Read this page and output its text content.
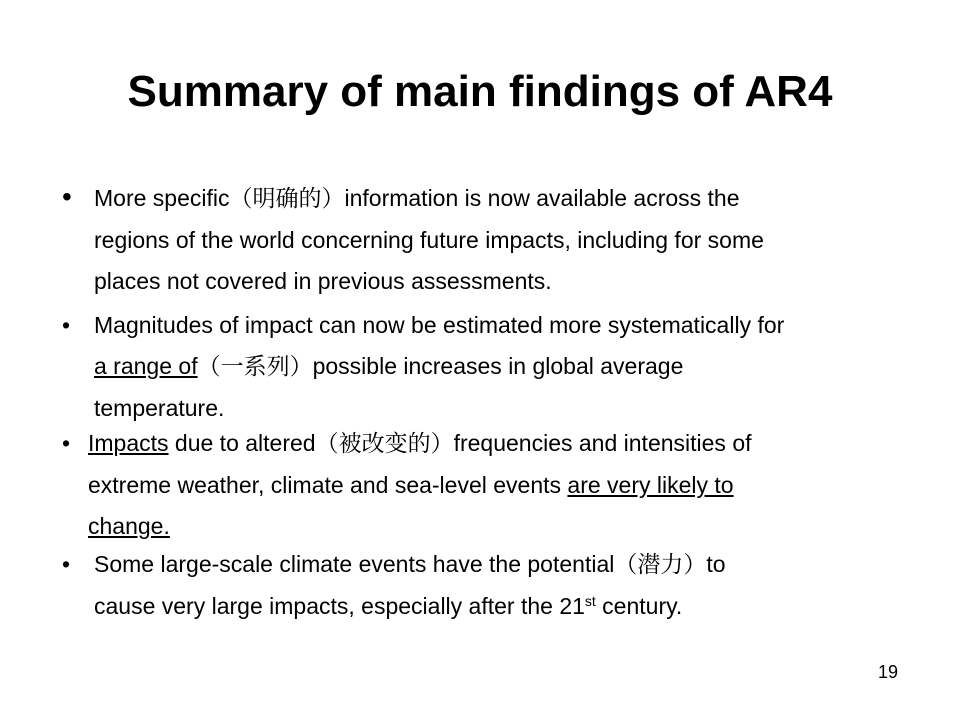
Summary of main findings of AR4
• More specific（明确的）information is now available across the
regions of the world concerning future impacts, including for some
places not covered in previous assessments.
• Magnitudes of impact can now be estimated more systematically for
a range of（一系列）possible increases in global average
temperature.
• Impacts due to altered（被改变的）frequencies and intensities of
extreme weather, climate and sea-level events are very likely to
change.
• Some large-scale climate events have the potential（潜力）to
cause very large impacts, especially after the 21st century.
19
